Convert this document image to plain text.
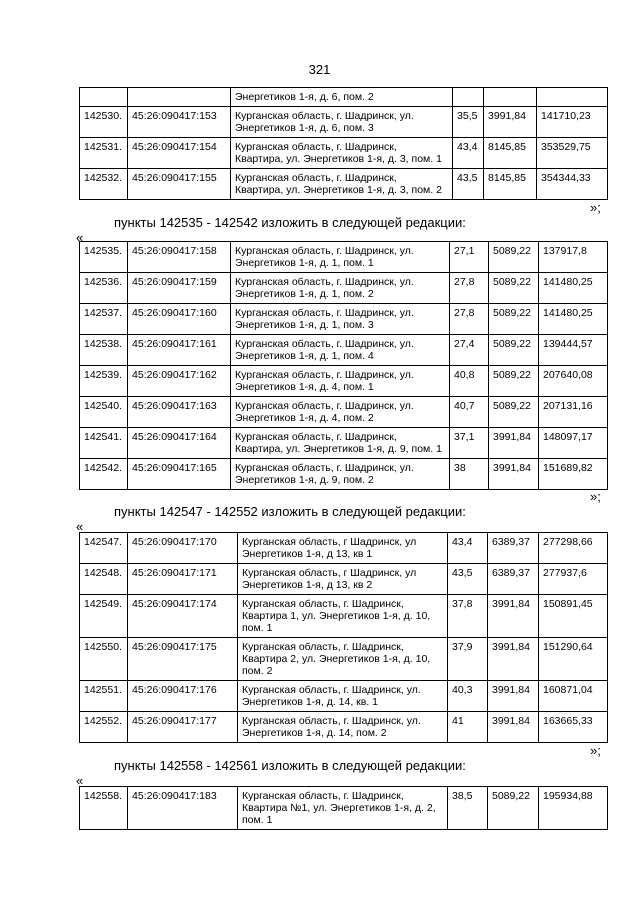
321
		Энергетиков 1-я, д. 6, пом. 2			
142530.	45:26:090417:153	Курганская область, г. Шадринск, ул.
Энергетиков 1-я, д. 6, пом. 3	35,5	3991,84	141710,23
142531.	45:26:090417:154	Курганская область, г. Шадринск,
Квартира, ул. Энергетиков 1-я, д. 3, пом. 1	43,4	8145,85	353529,75
142532.	45:26:090417:155	Курганская область, г. Шадринск,
Квартира, ул. Энергетиков 1-я, д. 3, пом. 2	43,5	8145,85	354344,33
»;
пункты 142535 - 142542 изложить в следующей редакции:
«
142535.	45:26:090417:158	Курганская область, г. Шадринск, ул.
Энергетиков 1-я, д. 1, пом. 1	27,1	5089,22	137917,8
142536.	45:26:090417:159	Курганская область, г. Шадринск, ул.
Энергетиков 1-я, д. 1, пом. 2	27,8	5089,22	141480,25
142537.	45:26:090417:160	Курганская область, г. Шадринск, ул.
Энергетиков 1-я, д. 1, пом. 3	27,8	5089,22	141480,25
142538.	45:26:090417:161	Курганская область, г. Шадринск, ул.
Энергетиков 1-я, д. 1, пом. 4	27,4	5089,22	139444,57
142539.	45:26:090417:162	Курганская область, г. Шадринск, ул.
Энергетиков 1-я, д. 4, пом. 1	40,8	5089,22	207640,08
142540.	45:26:090417:163	Курганская область, г. Шадринск, ул.
Энергетиков 1-я, д. 4, пом. 2	40,7	5089,22	207131,16
142541.	45:26:090417:164	Курганская область, г. Шадринск,
Квартира, ул. Энергетиков 1-я, д. 9, пом. 1	37,1	3991,84	148097,17
142542.	45:26:090417:165	Курганская область, г. Шадринск, ул.
Энергетиков 1-я, д. 9, пом. 2	38	3991,84	151689,82
»;
пункты 142547 - 142552 изложить в следующей редакции:
«
142547.	45:26:090417:170	Курганская область, г Шадринск, ул
Энергетиков 1-я, д 13, кв 1	43,4	6389,37	277298,66
142548.	45:26:090417:171	Курганская область, г Шадринск, ул
Энергетиков 1-я, д 13, кв 2	43,5	6389,37	277937,6
142549.	45:26:090417:174	Курганская область, г. Шадринск,
Квартира 1, ул. Энергетиков 1-я, д. 10,
пом. 1	37,8	3991,84	150891,45
142550.	45:26:090417:175	Курганская область, г. Шадринск,
Квартира 2, ул. Энергетиков 1-я, д. 10,
пом. 2	37,9	3991,84	151290,64
142551.	45:26:090417:176	Курганская область, г. Шадринск, ул.
Энергетиков 1-я, д. 14, кв. 1	40,3	3991,84	160871,04
142552.	45:26:090417:177	Курганская область, г. Шадринск, ул.
Энергетиков 1-я, д. 14, пом. 2	41	3991,84	163665,33
»;
пункты 142558 - 142561 изложить в следующей редакции:
«
142558.	45:26:090417:183	Курганская область, г. Шадринск,
Квартира №1, ул. Энергетиков 1-я, д. 2,
пом. 1	38,5	5089,22	195934,88
